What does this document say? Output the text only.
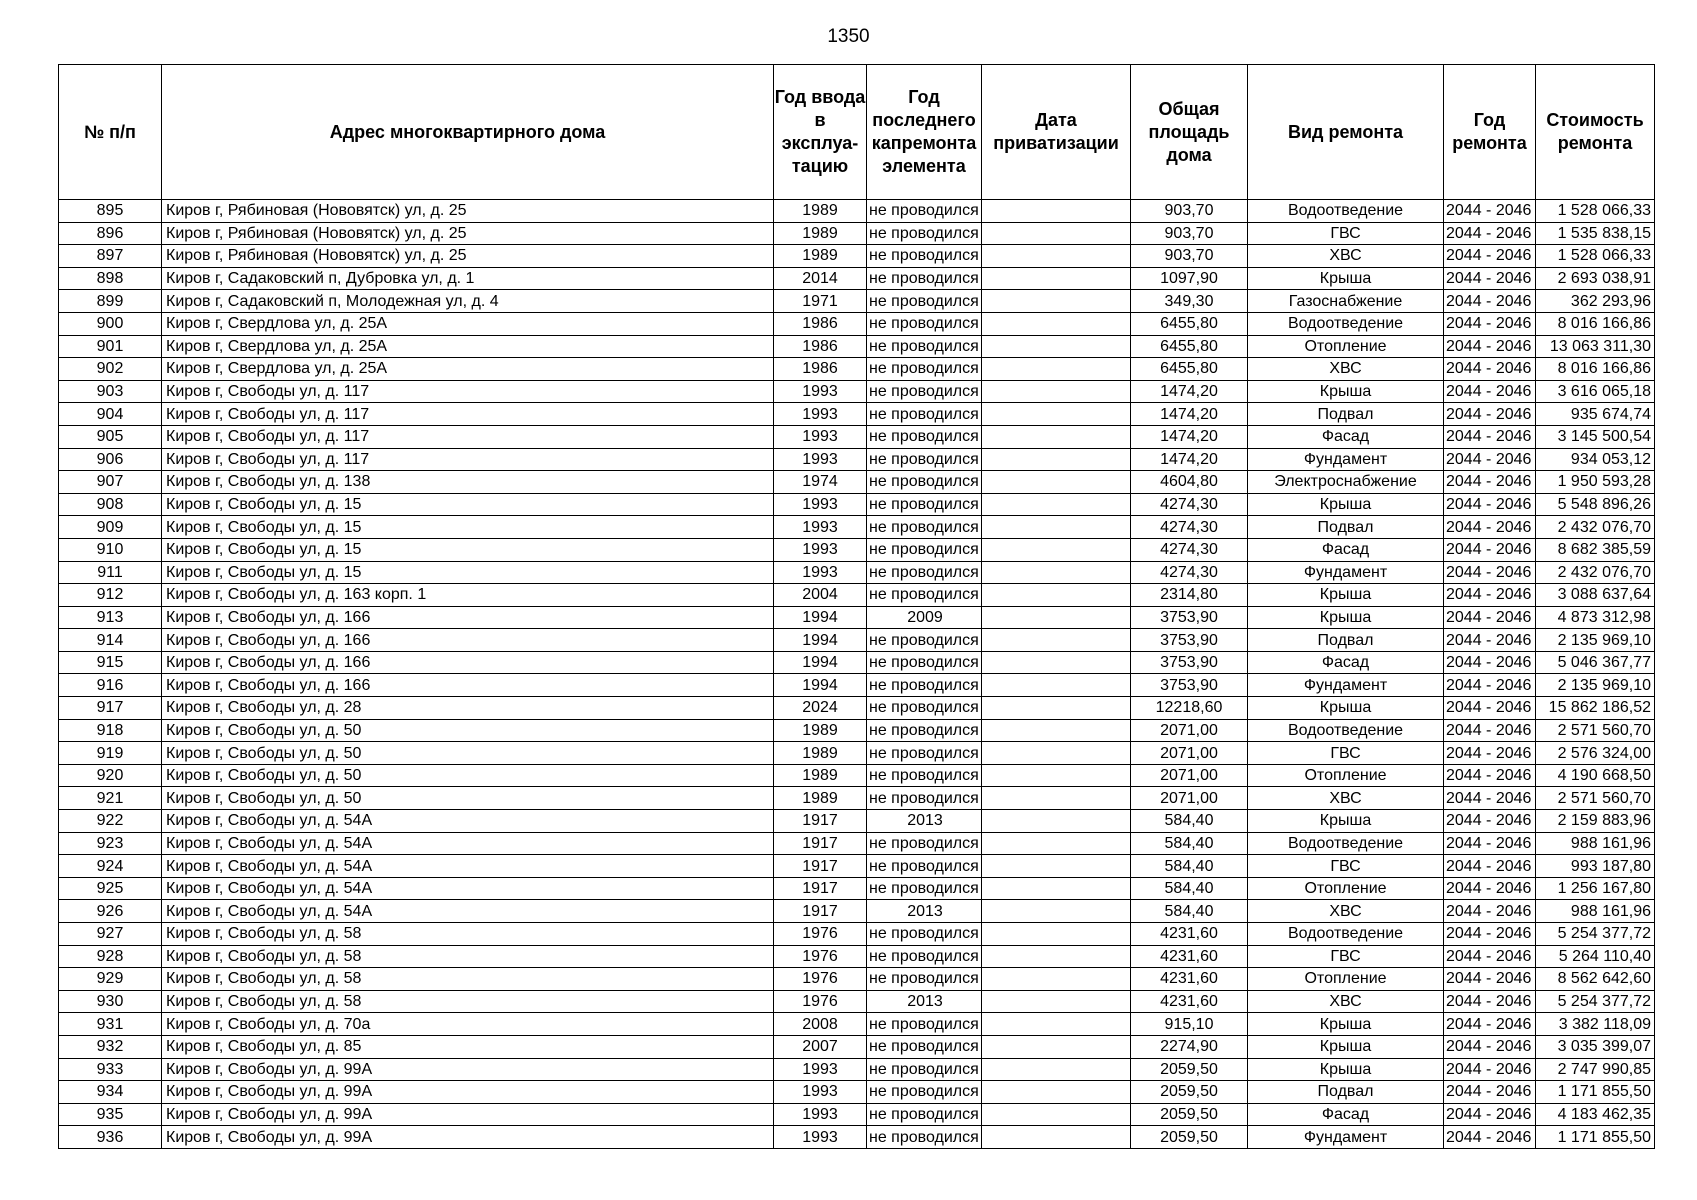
1350
№ п/п	Адрес многоквартирного дома	Год ввода в эксплуа-тацию	Год последнего капремонта элемента	Дата приватизации	Общая площадь дома	Вид ремонта	Год ремонта	Стоимость ремонта
895	Киров г, Рябиновая (Нововятск) ул, д. 25	1989	не проводился		903,70	Водоотведение	2044 - 2046	1 528 066,33
896	Киров г, Рябиновая (Нововятск) ул, д. 25	1989	не проводился		903,70	ГВС	2044 - 2046	1 535 838,15
897	Киров г, Рябиновая (Нововятск) ул, д. 25	1989	не проводился		903,70	ХВС	2044 - 2046	1 528 066,33
898	Киров г, Садаковский п, Дубровка ул, д. 1	2014	не проводился		1097,90	Крыша	2044 - 2046	2 693 038,91
899	Киров г, Садаковский п, Молодежная ул, д. 4	1971	не проводился		349,30	Газоснабжение	2044 - 2046	362 293,96
900	Киров г, Свердлова ул, д. 25А	1986	не проводился		6455,80	Водоотведение	2044 - 2046	8 016 166,86
901	Киров г, Свердлова ул, д. 25А	1986	не проводился		6455,80	Отопление	2044 - 2046	13 063 311,30
902	Киров г, Свердлова ул, д. 25А	1986	не проводился		6455,80	ХВС	2044 - 2046	8 016 166,86
903	Киров г, Свободы ул, д. 117	1993	не проводился		1474,20	Крыша	2044 - 2046	3 616 065,18
904	Киров г, Свободы ул, д. 117	1993	не проводился		1474,20	Подвал	2044 - 2046	935 674,74
905	Киров г, Свободы ул, д. 117	1993	не проводился		1474,20	Фасад	2044 - 2046	3 145 500,54
906	Киров г, Свободы ул, д. 117	1993	не проводился		1474,20	Фундамент	2044 - 2046	934 053,12
907	Киров г, Свободы ул, д. 138	1974	не проводился		4604,80	Электроснабжение	2044 - 2046	1 950 593,28
908	Киров г, Свободы ул, д. 15	1993	не проводился		4274,30	Крыша	2044 - 2046	5 548 896,26
909	Киров г, Свободы ул, д. 15	1993	не проводился		4274,30	Подвал	2044 - 2046	2 432 076,70
910	Киров г, Свободы ул, д. 15	1993	не проводился		4274,30	Фасад	2044 - 2046	8 682 385,59
911	Киров г, Свободы ул, д. 15	1993	не проводился		4274,30	Фундамент	2044 - 2046	2 432 076,70
912	Киров г, Свободы ул, д. 163 корп. 1	2004	не проводился		2314,80	Крыша	2044 - 2046	3 088 637,64
913	Киров г, Свободы ул, д. 166	1994	2009		3753,90	Крыша	2044 - 2046	4 873 312,98
914	Киров г, Свободы ул, д. 166	1994	не проводился		3753,90	Подвал	2044 - 2046	2 135 969,10
915	Киров г, Свободы ул, д. 166	1994	не проводился		3753,90	Фасад	2044 - 2046	5 046 367,77
916	Киров г, Свободы ул, д. 166	1994	не проводился		3753,90	Фундамент	2044 - 2046	2 135 969,10
917	Киров г, Свободы ул, д. 28	2024	не проводился		12218,60	Крыша	2044 - 2046	15 862 186,52
918	Киров г, Свободы ул, д. 50	1989	не проводился		2071,00	Водоотведение	2044 - 2046	2 571 560,70
919	Киров г, Свободы ул, д. 50	1989	не проводился		2071,00	ГВС	2044 - 2046	2 576 324,00
920	Киров г, Свободы ул, д. 50	1989	не проводился		2071,00	Отопление	2044 - 2046	4 190 668,50
921	Киров г, Свободы ул, д. 50	1989	не проводился		2071,00	ХВС	2044 - 2046	2 571 560,70
922	Киров г, Свободы ул, д. 54А	1917	2013		584,40	Крыша	2044 - 2046	2 159 883,96
923	Киров г, Свободы ул, д. 54А	1917	не проводился		584,40	Водоотведение	2044 - 2046	988 161,96
924	Киров г, Свободы ул, д. 54А	1917	не проводился		584,40	ГВС	2044 - 2046	993 187,80
925	Киров г, Свободы ул, д. 54А	1917	не проводился		584,40	Отопление	2044 - 2046	1 256 167,80
926	Киров г, Свободы ул, д. 54А	1917	2013		584,40	ХВС	2044 - 2046	988 161,96
927	Киров г, Свободы ул, д. 58	1976	не проводился		4231,60	Водоотведение	2044 - 2046	5 254 377,72
928	Киров г, Свободы ул, д. 58	1976	не проводился		4231,60	ГВС	2044 - 2046	5 264 110,40
929	Киров г, Свободы ул, д. 58	1976	не проводился		4231,60	Отопление	2044 - 2046	8 562 642,60
930	Киров г, Свободы ул, д. 58	1976	2013		4231,60	ХВС	2044 - 2046	5 254 377,72
931	Киров г, Свободы ул, д. 70а	2008	не проводился		915,10	Крыша	2044 - 2046	3 382 118,09
932	Киров г, Свободы ул, д. 85	2007	не проводился		2274,90	Крыша	2044 - 2046	3 035 399,07
933	Киров г, Свободы ул, д. 99А	1993	не проводился		2059,50	Крыша	2044 - 2046	2 747 990,85
934	Киров г, Свободы ул, д. 99А	1993	не проводился		2059,50	Подвал	2044 - 2046	1 171 855,50
935	Киров г, Свободы ул, д. 99А	1993	не проводился		2059,50	Фасад	2044 - 2046	4 183 462,35
936	Киров г, Свободы ул, д. 99А	1993	не проводился		2059,50	Фундамент	2044 - 2046	1 171 855,50
